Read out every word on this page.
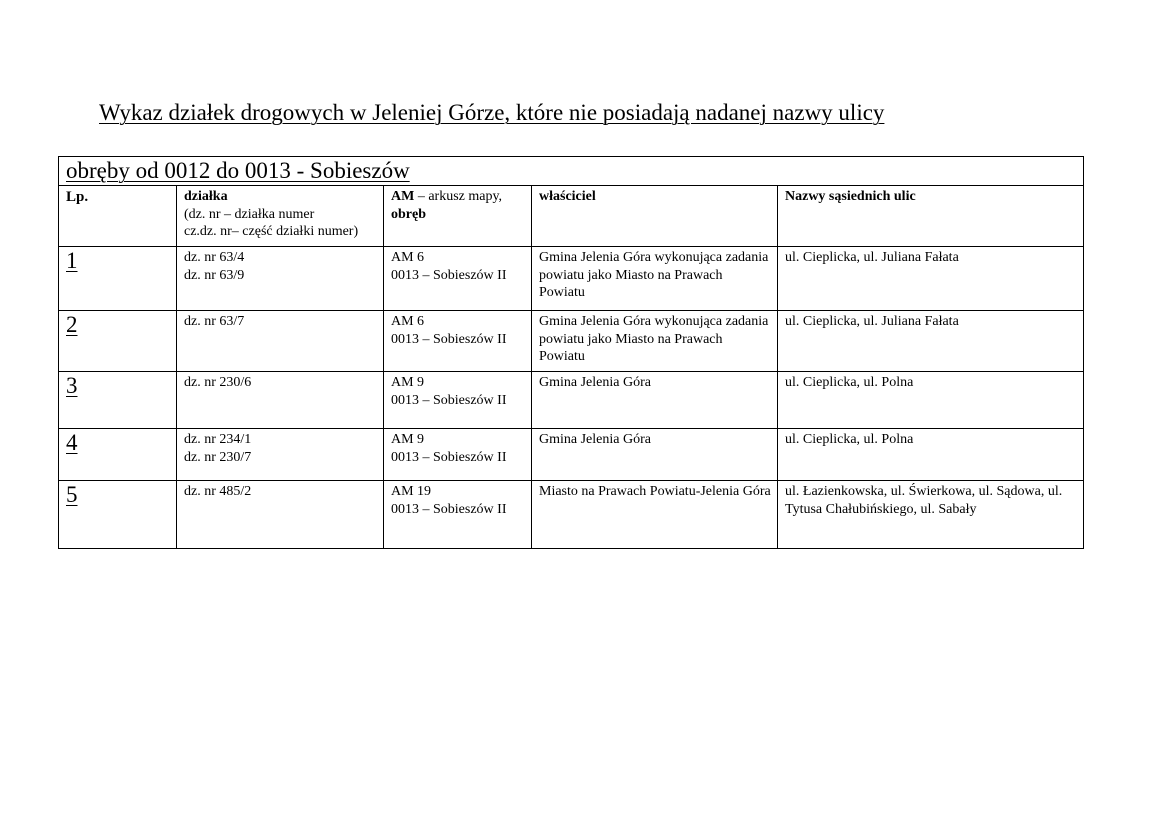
Wykaz działek drogowych w Jeleniej Górze, które nie posiadają nadanej nazwy ulicy
obręby od 0012 do 0013 - Sobieszów				

Lp.	działka
(dz. nr – działka numer
cz.dz. nr– część działki numer)	AM – arkusz mapy,
obręb	właściciel	Nazwy sąsiednich ulic
1	dz. nr 63/4
dz. nr 63/9	AM 6
0013 – Sobieszów II	Gmina Jelenia Góra wykonująca zadania powiatu jako Miasto na Prawach Powiatu	ul. Cieplicka, ul. Juliana Fałata
2	dz. nr 63/7	AM 6
0013 – Sobieszów II	Gmina Jelenia Góra wykonująca zadania powiatu jako Miasto na Prawach Powiatu	ul. Cieplicka, ul. Juliana Fałata
3	dz. nr 230/6	AM 9
0013 – Sobieszów II	Gmina Jelenia Góra	ul. Cieplicka, ul. Polna
4	dz. nr 234/1
dz. nr 230/7	AM 9
0013 – Sobieszów II	Gmina Jelenia Góra	ul. Cieplicka, ul. Polna
5	dz. nr 485/2	AM 19
0013 – Sobieszów II	Miasto na Prawach Powiatu-Jelenia Góra	ul. Łazienkowska, ul. Świerkowa, ul. Sądowa, ul. Tytusa Chałubińskiego, ul. Sabały
